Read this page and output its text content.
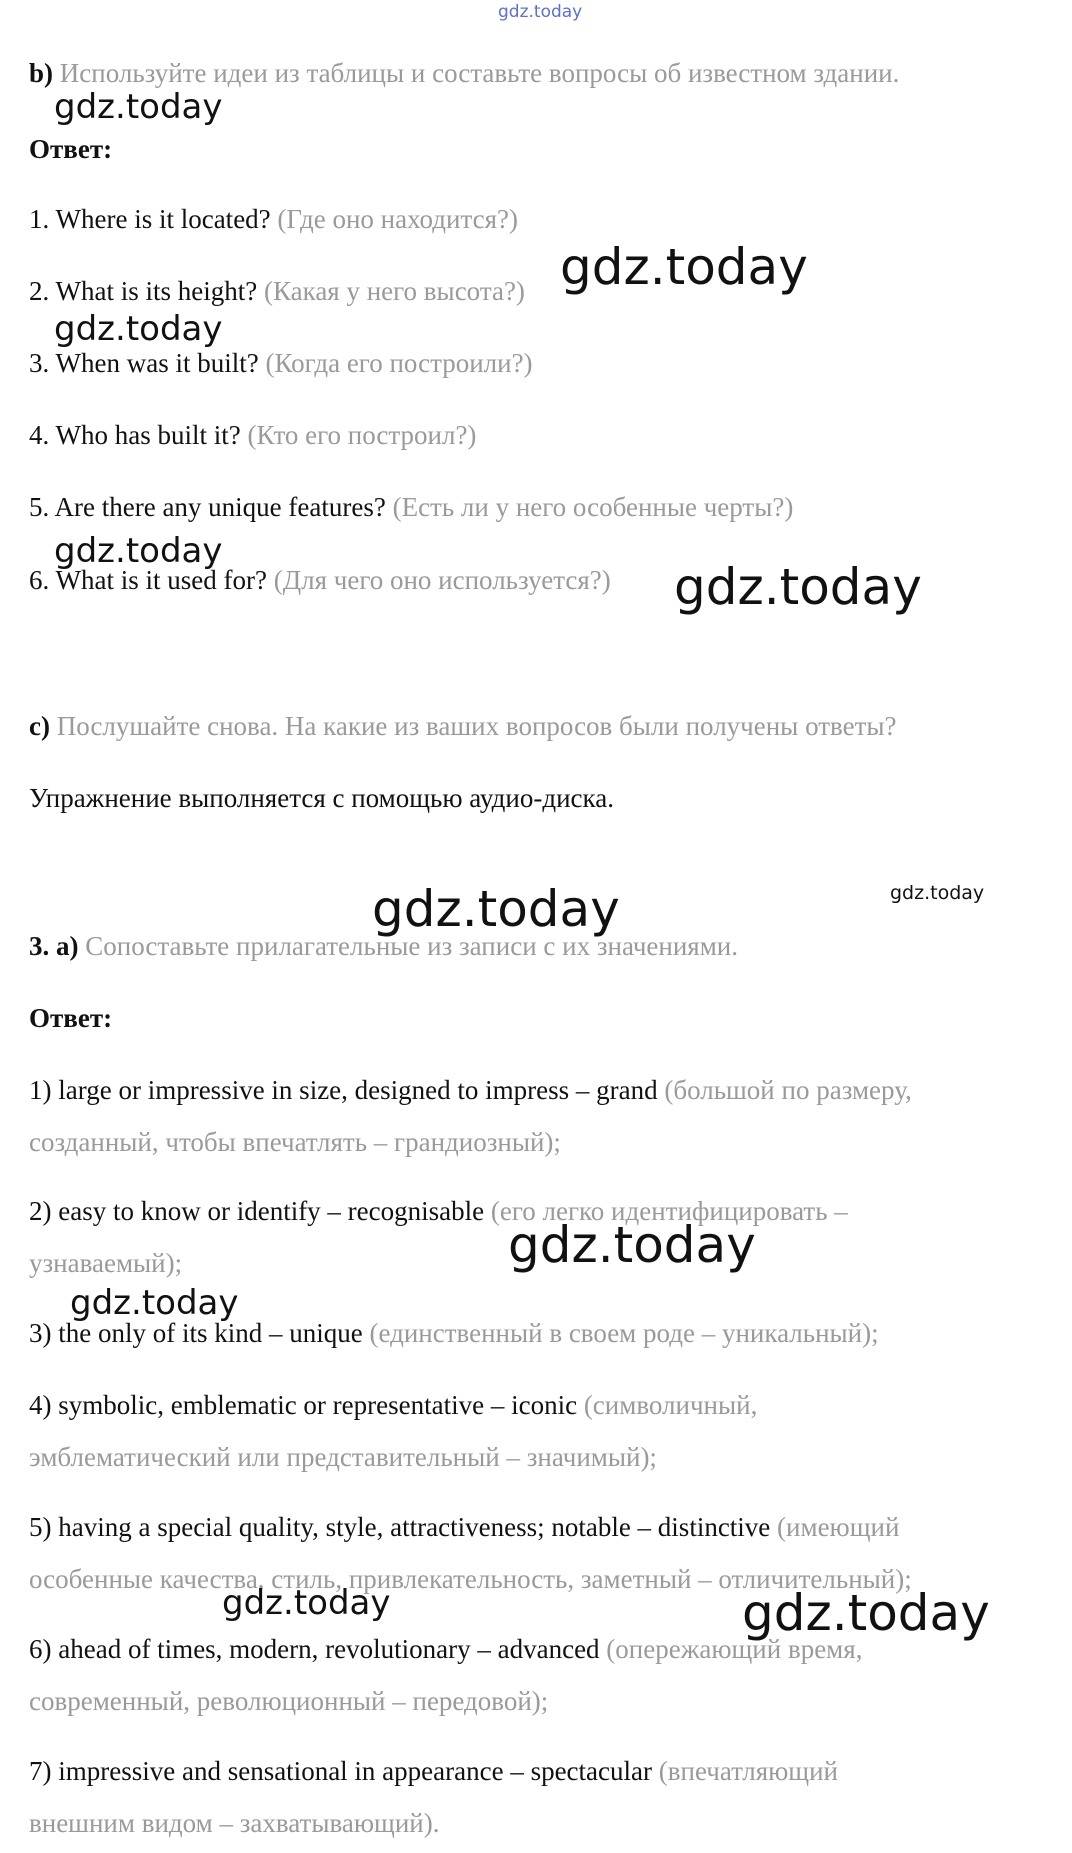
gdz.today
b) Используйте идеи из таблицы и составьте вопросы об известном здании.
Ответ:
1. Where is it located? (Где оно находится?)
2. What is its height? (Какая у него высота?)
3. When was it built? (Когда его построили?)
4. Who has built it? (Кто его построил?)
5. Are there any unique features? (Есть ли у него особенные черты?)
6. What is it used for? (Для чего оно используется?)
c) Послушайте снова. На какие из ваших вопросов были получены ответы?
Упражнение выполняется с помощью аудио-диска.
3. a) Сопоставьте прилагательные из записи с их значениями.
Ответ:
1) large or impressive in size, designed to impress – grand (большой по размеру,
созданный, чтобы впечатлять – грандиозный);
2) easy to know or identify – recognisable (его легко идентифицировать –
узнаваемый);
3) the only of its kind – unique (единственный в своем роде – уникальный);
4) symbolic, emblematic or representative – iconic (символичный,
эмблематический или представительный – значимый);
5) having a special quality, style, attractiveness; notable – distinctive (имеющий
особенные качества, стиль, привлекательность, заметный – отличительный);
6) ahead of times, modern, revolutionary – advanced (опережающий время,
современный, революционный – передовой);
7) impressive and sensational in appearance – spectacular (впечатляющий
внешним видом – захватывающий).
gdz.today
gdz.today
gdz.today
gdz.today
gdz.today
gdz.today	gdz.today
gdz.today
gdz.today
gdz.today	gdz.today
